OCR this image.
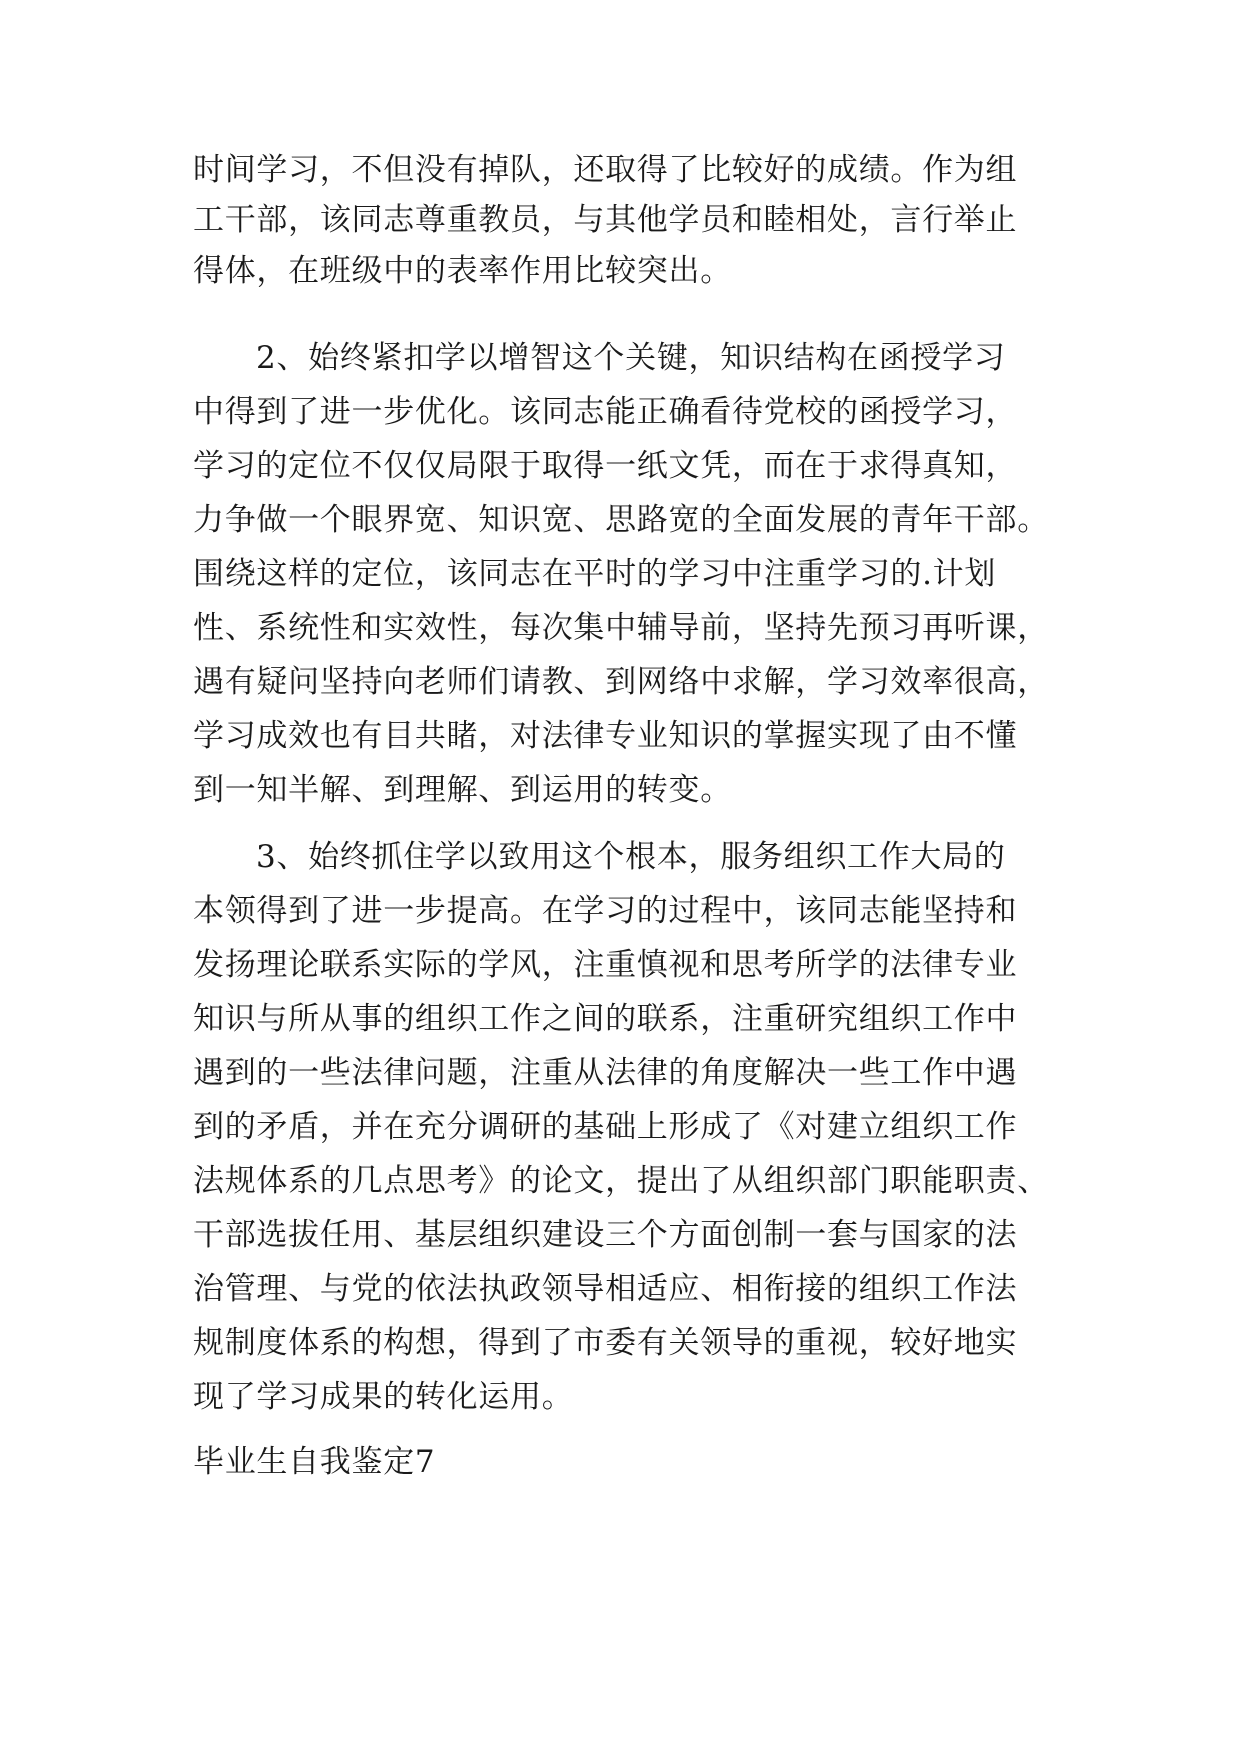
时间学习，不但没有掉队，还取得了比较好的成绩。作为组
工干部，该同志尊重教员，与其他学员和睦相处，言行举止
得体，在班级中的表率作用比较突出。
2、始终紧扣学以增智这个关键，知识结构在函授学习
中得到了进一步优化。该同志能正确看待党校的函授学习，
学习的定位不仅仅局限于取得一纸文凭，而在于求得真知，
力争做一个眼界宽、知识宽、思路宽的全面发展的青年干部。
围绕这样的定位，该同志在平时的学习中注重学习的.计划
性、系统性和实效性，每次集中辅导前，坚持先预习再听课，
遇有疑问坚持向老师们请教、到网络中求解，学习效率很高，
学习成效也有目共睹，对法律专业知识的掌握实现了由不懂
到一知半解、到理解、到运用的转变。
3、始终抓住学以致用这个根本，服务组织工作大局的
本领得到了进一步提高。在学习的过程中，该同志能坚持和
发扬理论联系实际的学风，注重慎视和思考所学的法律专业
知识与所从事的组织工作之间的联系，注重研究组织工作中
遇到的一些法律问题，注重从法律的角度解决一些工作中遇
到的矛盾，并在充分调研的基础上形成了《对建立组织工作
法规体系的几点思考》的论文，提出了从组织部门职能职责、
干部选拔任用、基层组织建设三个方面创制一套与国家的法
治管理、与党的依法执政领导相适应、相衔接的组织工作法
规制度体系的构想，得到了市委有关领导的重视，较好地实
现了学习成果的转化运用。
毕业生自我鉴定7
